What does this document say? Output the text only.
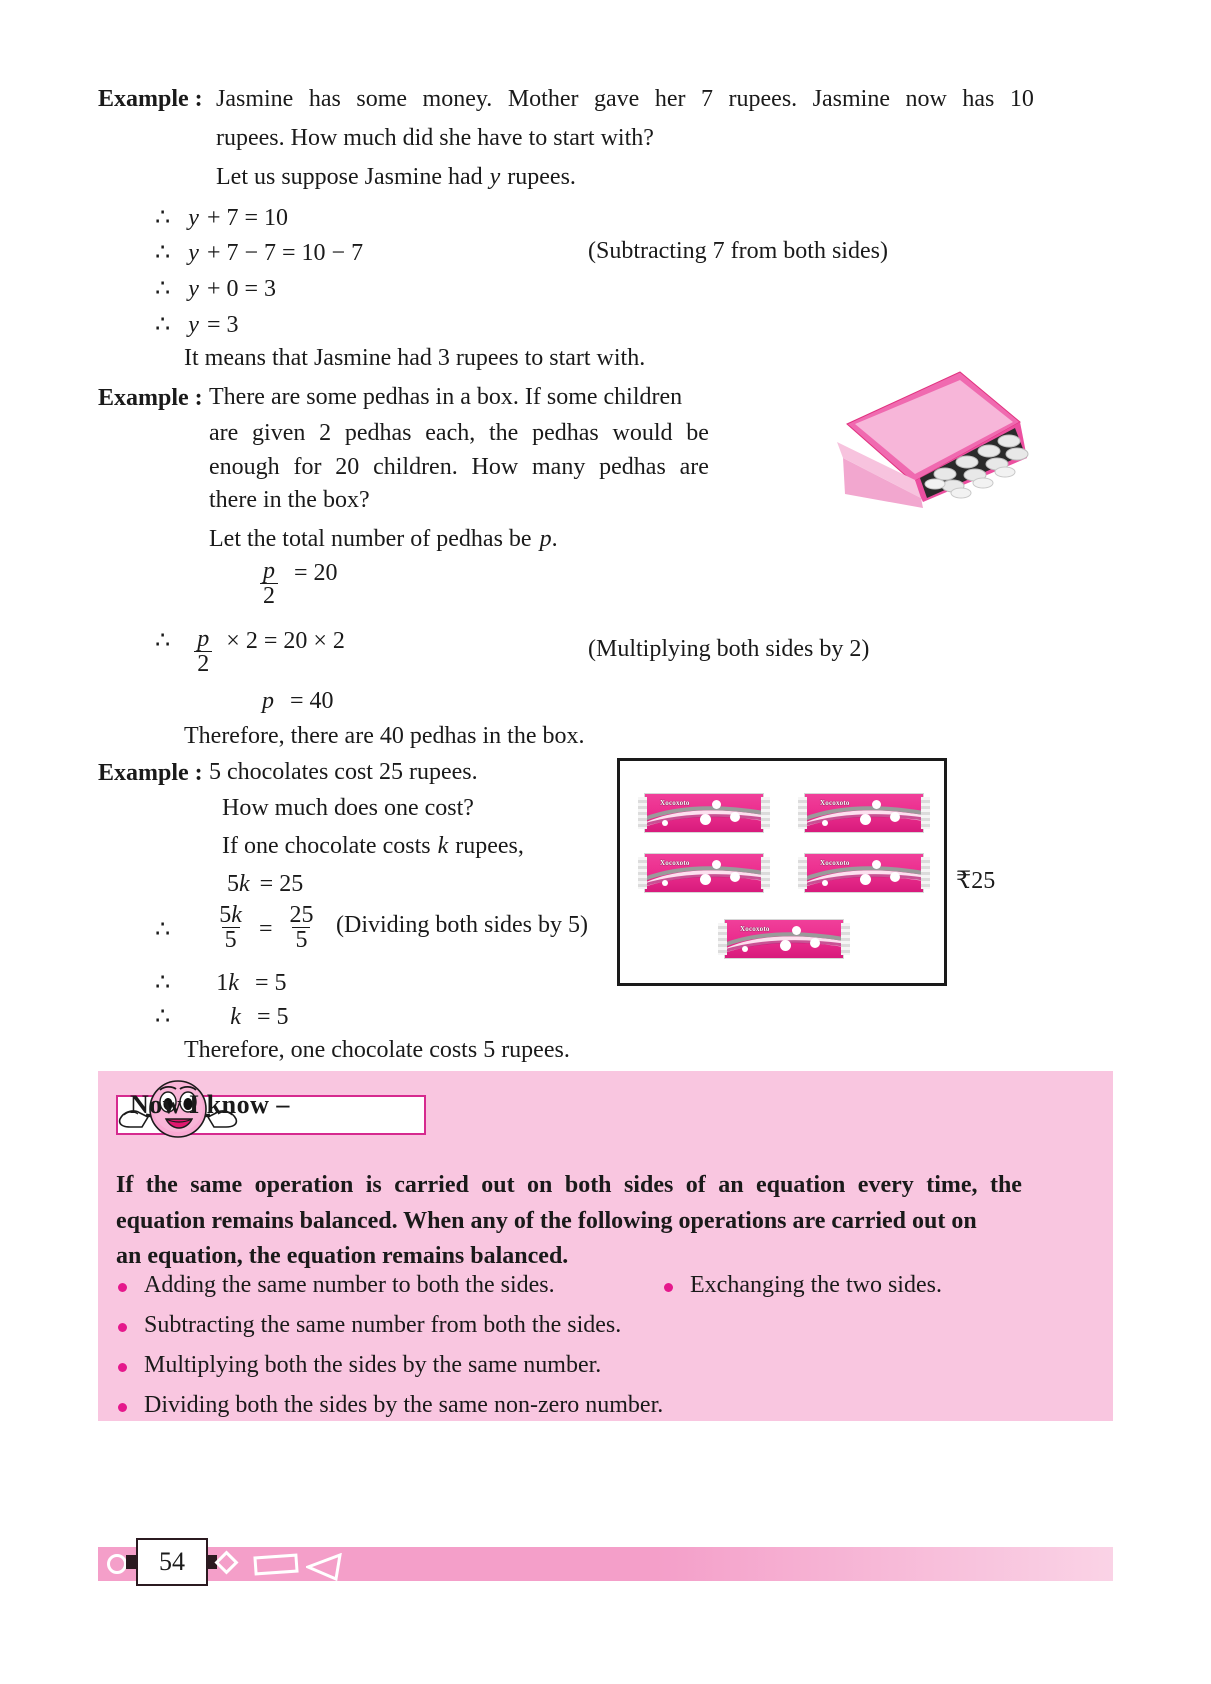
Example : Jasmine has some money. Mother gave her 7 rupees. Jasmine now has 10
rupees. How much did she have to start with?
Let us suppose Jasmine had y rupees.
∴ y + 7 = 10
∴ y + 7 − 7 = 10 − 7	(Subtracting 7 from both sides)
∴ y + 0 = 3
∴ y = 3
It means that Jasmine had 3 rupees to start with.
Example : There are some pedhas in a box. If some children
are given 2 pedhas each, the pedhas would be
enough for 20 children. How many pedhas are
there in the box?
Let the total number of pedhas be p .
$\frac{p}{2} = 20$
∴ $\frac{p}{2} \times 2 = 20 \times 2$	(Multiplying both sides by 2)
p = 40
Therefore, there are 40 pedhas in the box.
Example : 5 chocolates cost 25 rupees.
How much does one cost?
If one chocolate costs k rupees,
5 k = 25
∴ $\frac{5k}{5} = \frac{25}{5}$ (Dividing both sides by 5)
∴ 1 k = 5
∴	k = 5
Therefore, one chocolate costs 5 rupees.
Xocoxoto	Xocoxoto
Xocoxoto	Xocoxoto
Xocoxoto
₹25
Now I know –
If the same operation is carried out on both sides of an equation every time, the
equation remains balanced. When any of the following operations are carried out on
an equation, the equation remains balanced.
Adding the same number to both the sides.	Exchanging the two sides.
Subtracting the same number from both the sides.
Multiplying both the sides by the same number.
Dividing both the sides by the same non-zero number.
54
